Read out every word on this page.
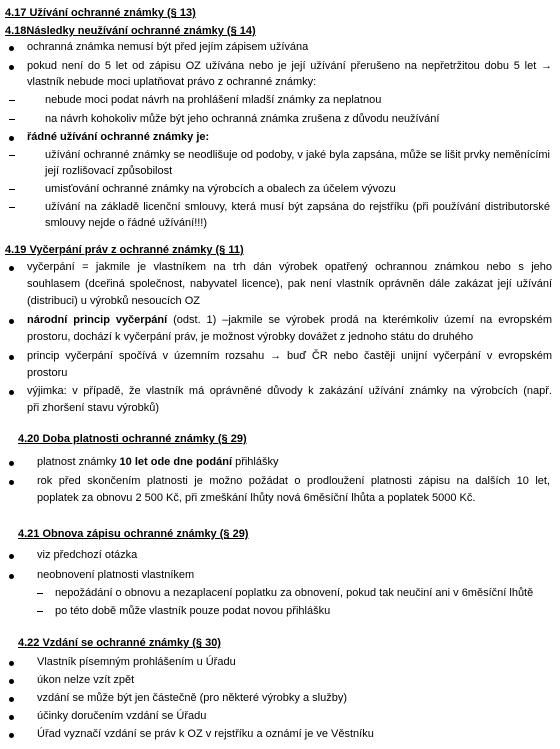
4.17 Užívání ochranné známky (§ 13)
4.18Následky neužívání ochranné známky (§ 14)
ochranná známka nemusí být před jejím zápisem užívána
pokud není do 5 let od zápisu OZ užívána nebo je její užívání přerušeno na nepřetržitou dobu 5 let →
vlastník nebude moci uplatňovat právo z ochranné známky:
nebude moci podat návrh na prohlášení mladší známky za neplatnou
na návrh kohokoliv může být jeho ochranná známka zrušena z důvodu neužívání
řádné užívání ochranné známky je:
užívání ochranné známky se neodlišuje od podoby, v jaké byla zapsána, může se lišit prvky neměnícími
její rozlišovací způsobilost
umisťování ochranné známky na výrobcích a obalech za účelem vývozu
užívání na základě licenční smlouvy, která musí být zapsána do rejstříku (při používání distributorské
smlouvy nejde o řádné užívání!!!)
4.19 Vyčerpání práv z ochranné známky (§ 11)
vyčerpání = jakmile je vlastníkem na trh dán výrobek opatřený ochrannou známkou nebo s jeho
souhlasem (dceřiná společnost, nabyvatel licence), pak není vlastník oprávněn dále zakázat její užívání
(distribuci) u výrobků nesoucích OZ
národní princip vyčerpání (odst. 1) –jakmile se výrobek prodá na kterémkoliv území na evropském
prostoru, dochází k vyčerpání práv, je možnost výrobky dovážet z jednoho státu do druhého
princip vyčerpání spočívá v územním rozsahu → buď ČR nebo častěji unijní vyčerpání v evropském
prostoru
výjimka: v případě, že vlastník má oprávněné důvody k zakázání užívání známky na výrobcích (např.
při zhoršení stavu výrobků)
4.20 Doba platnosti ochranné známky (§ 29)
platnost známky 10 let ode dne podání přihlášky
rok před skončením platnosti je možno požádat o prodloužení platnosti zápisu na dalších 10 let,
poplatek za obnovu 2 500 Kč, při zmeškání lhůty nová 6měsíční lhůta a poplatek 5000 Kč.
4.21 Obnova zápisu ochranné známky (§ 29)
viz předchozí otázka
neobnovení platnosti vlastníkem
nepožádání o obnovu a nezaplacení poplatku za obnovení, pokud tak neučiní ani v 6měsíční lhůtě
po této době může vlastník pouze podat novou přihlášku
4.22 Vzdání se ochranné známky (§ 30)
Vlastník písemným prohlášením u Úřadu
úkon nelze vzít zpět
vzdání se může být jen částečně (pro některé výrobky a služby)
účinky doručením vzdání se Úřadu
Úřad vyznačí vzdání se práv k OZ v rejstříku a oznámí je ve Věstníku
